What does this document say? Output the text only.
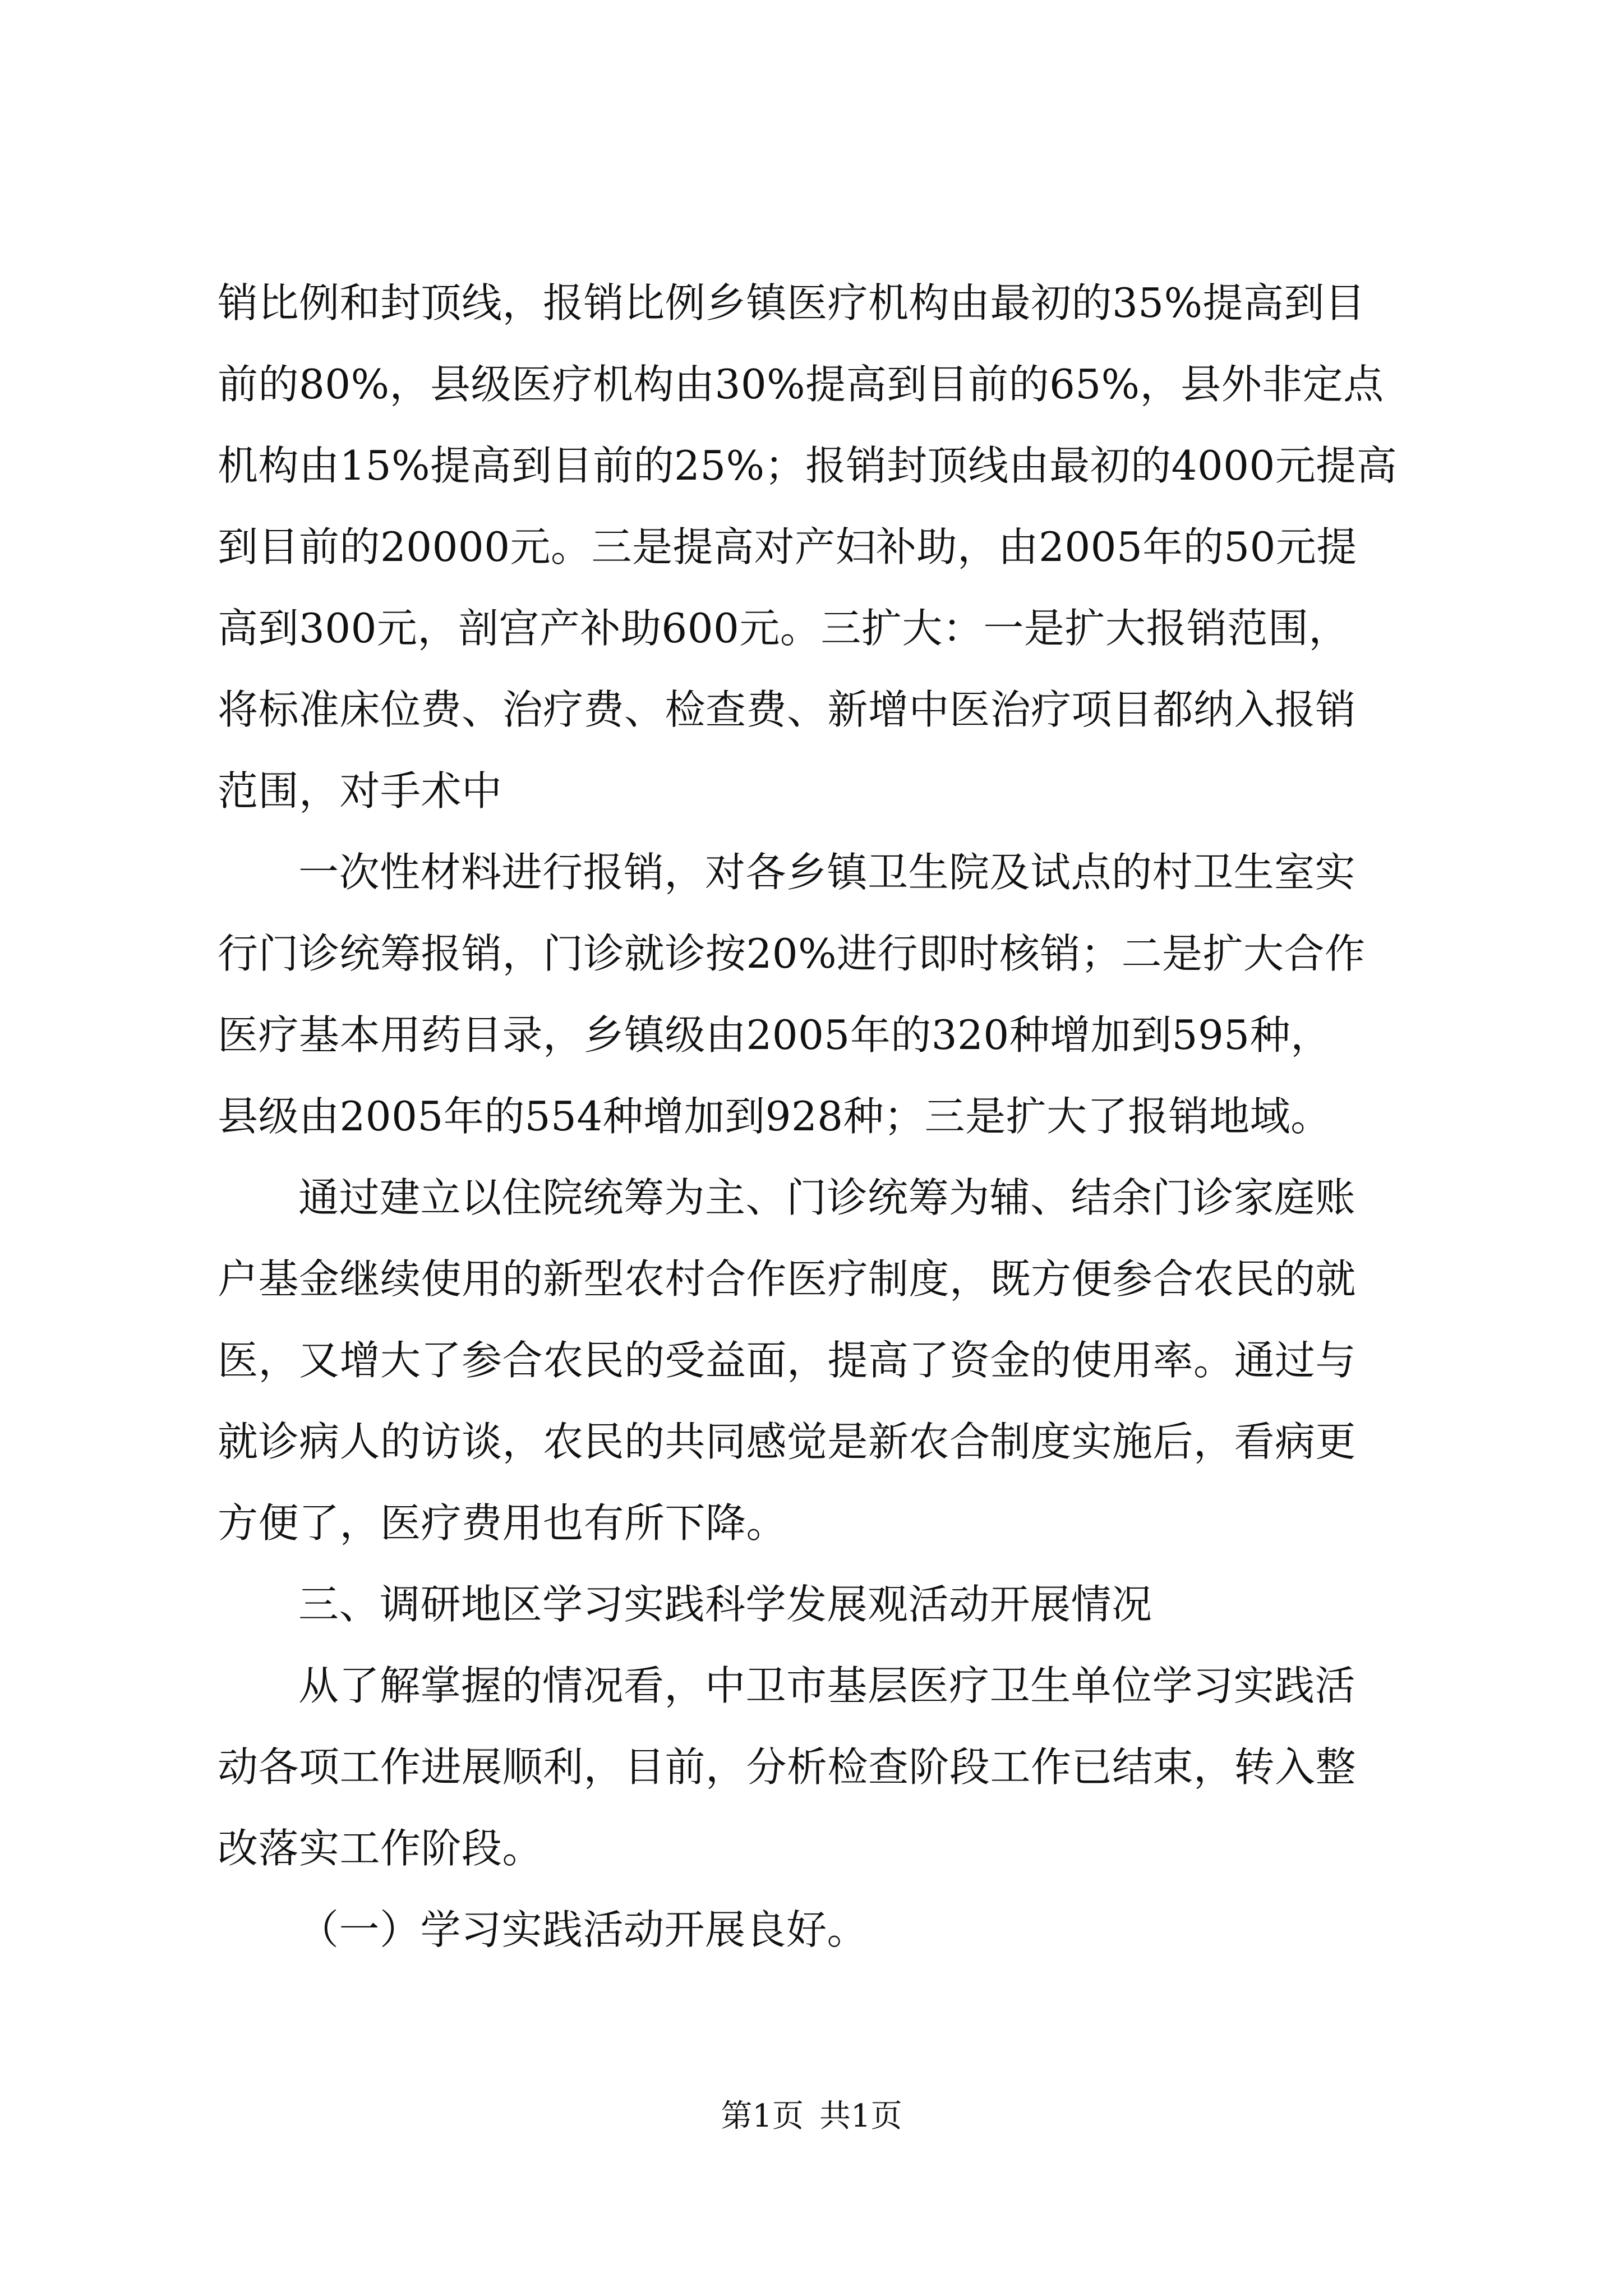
销比例和封顶线，报销比例乡镇医疗机构由最初的35%提高到目
前的80%，县级医疗机构由30%提高到目前的65%，县外非定点
机构由15%提高到目前的25%；报销封顶线由最初的4000元提高
到目前的20000元。三是提高对产妇补助，由2005年的50元提
高到300元，剖宫产补助600元。三扩大：一是扩大报销范围，
将标准床位费、治疗费、检查费、新增中医治疗项目都纳入报销
范围，对手术中
一次性材料进行报销，对各乡镇卫生院及试点的村卫生室实
行门诊统筹报销，门诊就诊按20%进行即时核销；二是扩大合作
医疗基本用药目录，乡镇级由2005年的320种增加到595种，
县级由2005年的554种增加到928种；三是扩大了报销地域。
通过建立以住院统筹为主、门诊统筹为辅、结余门诊家庭账
户基金继续使用的新型农村合作医疗制度，既方便参合农民的就
医，又增大了参合农民的受益面，提高了资金的使用率。通过与
就诊病人的访谈，农民的共同感觉是新农合制度实施后，看病更
方便了，医疗费用也有所下降。
三、调研地区学习实践科学发展观活动开展情况
从了解掌握的情况看，中卫市基层医疗卫生单位学习实践活
动各项工作进展顺利，目前，分析检查阶段工作已结束，转入整
改落实工作阶段。
（一）学习实践活动开展良好。
第1页 共1页
